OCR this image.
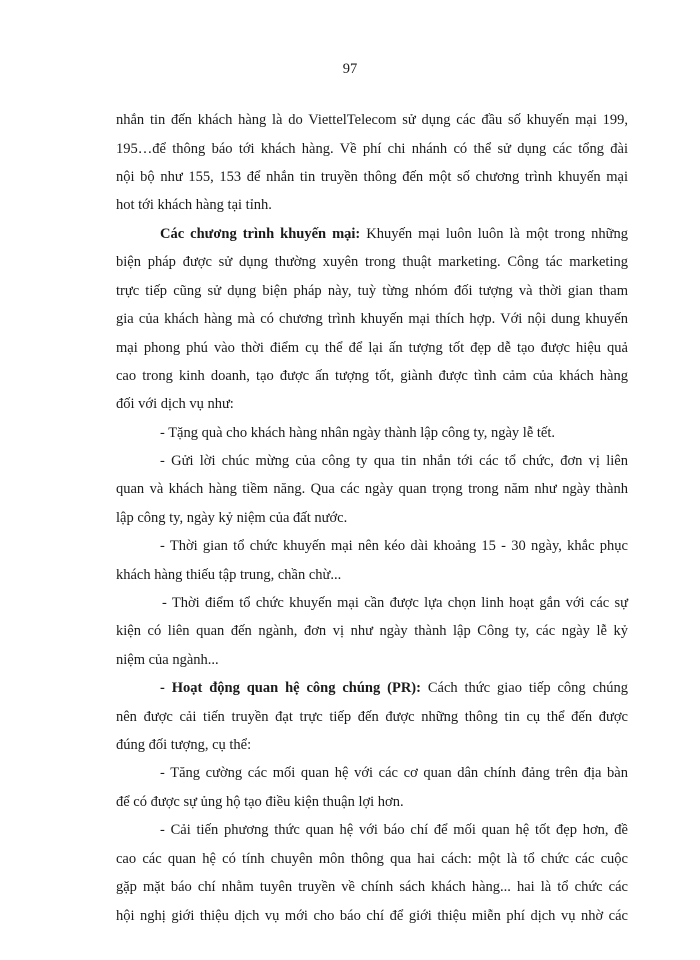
97
nhắn tin đến khách hàng là do ViettelTelecom sử dụng các đầu số khuyến mại 199,
195…để thông báo tới khách hàng. Về phí chi nhánh có thể sử dụng các tổng đài
nội bộ như 155, 153 để nhắn tin truyền thông đến một số chương trình khuyến mại
hot tới khách hàng tại tỉnh.
Các chương trình khuyến mại: Khuyến mại luôn luôn là một trong những
biện pháp được sử dụng thường xuyên trong thuật marketing. Công tác marketing
trực tiếp cũng sử dụng biện pháp này, tuỳ từng nhóm đối tượng và thời gian tham
gia của khách hàng mà có chương trình khuyến mại thích hợp. Với nội dung khuyến
mại phong phú vào thời điểm cụ thể để lại ấn tượng tốt đẹp dễ tạo được hiệu quả
cao trong kinh doanh, tạo được ấn tượng tốt, giành được tình cảm của khách hàng
đối với dịch vụ như:
- Tặng quà cho khách hàng nhân ngày thành lập công ty, ngày lễ tết.
- Gửi lời chúc mừng của công ty qua tin nhắn tới các tổ chức, đơn vị liên
quan và khách hàng tiềm năng. Qua các ngày quan trọng trong năm như ngày thành
lập công ty, ngày kỷ niệm của đất nước.
- Thời gian tổ chức khuyến mại nên kéo dài khoảng 15 - 30 ngày, khắc phục
khách hàng thiếu tập trung, chần chừ...
- Thời điểm tổ chức khuyến mại cần được lựa chọn linh hoạt gắn với các sự
kiện có liên quan đến ngành, đơn vị như ngày thành lập Công ty, các ngày lễ kỷ
niệm của ngành...
- Hoạt động quan hệ công chúng (PR): Cách thức giao tiếp công chúng
nên được cải tiến truyền đạt trực tiếp đến được những thông tin cụ thể đến được
đúng đối tượng, cụ thể:
- Tăng cường các mối quan hệ với các cơ quan dân chính đảng trên địa bàn
để có được sự ủng hộ tạo điều kiện thuận lợi hơn.
- Cải tiến phương thức quan hệ với báo chí để mối quan hệ tốt đẹp hơn, đề
cao các quan hệ có tính chuyên môn thông qua hai cách: một là tổ chức các cuộc
gặp mặt báo chí nhằm tuyên truyền về chính sách khách hàng... hai là tổ chức các
hội nghị giới thiệu dịch vụ mới cho báo chí để giới thiệu miễn phí dịch vụ nhờ các
